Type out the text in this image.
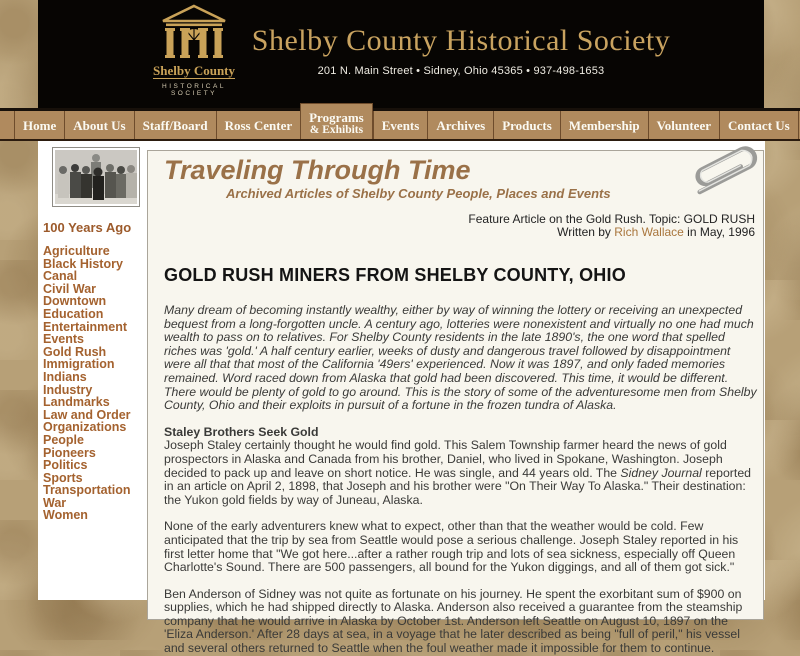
Shelby County
HISTORICAL SOCIETY
Shelby County Historical Society
201 N. Main Street • Sidney, Ohio 45365 • 937-498-1653
Home About Us Staff/Board Ross Center Programs
& Exhibits Events Archives Products Membership Volunteer Contact Us
100 Years Ago
Agriculture
Black History
Canal
Civil War
Downtown
Education
Entertainment
Events
Gold Rush
Immigration
Indians
Industry
Landmarks
Law and Order
Organizations
People
Pioneers
Politics
Sports
Transportation
War
Women
Traveling Through Time
Archived Articles of Shelby County People, Places and Events
Feature Article on the Gold Rush. Topic: GOLD RUSH
Written by Rich Wallace in May, 1996
GOLD RUSH MINERS FROM SHELBY COUNTY, OHIO

Many dream of becoming instantly wealthy, either by way of winning the lottery or receiving an unexpected bequest from a long-forgotten uncle. A century ago, lotteries were nonexistent and virtually no one had much wealth to pass on to relatives. For Shelby County residents in the late 1890's, the one word that spelled riches was 'gold.' A half century earlier, weeks of dusty and dangerous travel followed by disappointment were all that that most of the California '49ers' experienced. Now it was 1897, and only faded memories remained. Word raced down from Alaska that gold had been discovered. This time, it would be different. There would be plenty of gold to go around. This is the story of some of the adventuresome men from Shelby County, Ohio and their exploits in pursuit of a fortune in the frozen tundra of Alaska.

Staley Brothers Seek Gold

Joseph Staley certainly thought he would find gold. This Salem Township farmer heard the news of gold prospectors in Alaska and Canada from his brother, Daniel, who lived in Spokane, Washington. Joseph decided to pack up and leave on short notice. He was single, and 44 years old. The Sidney Journal reported in an article on April 2, 1898, that Joseph and his brother were "On Their Way To Alaska." Their destination: the Yukon gold fields by way of Juneau, Alaska.

None of the early adventurers knew what to expect, other than that the weather would be cold. Few anticipated that the trip by sea from Seattle would pose a serious challenge. Joseph Staley reported in his first letter home that "We got here...after a rather rough trip and lots of sea sickness, especially off Queen Charlotte's Sound. There are 500 passengers, all bound for the Yukon diggings, and all of them got sick."

Ben Anderson of Sidney was not quite as fortunate on his journey. He spent the exorbitant sum of $900 on supplies, which he had shipped directly to Alaska. Anderson also received a guarantee from the steamship company that he would arrive in Alaska by October 1st. Anderson left Seattle on August 10, 1897 on the 'Eliza Anderson.' After 28 days at sea, in a voyage that he later described as being "full of peril," his vessel and several others returned to Seattle when the foul weather made it impossible for them to continue.
